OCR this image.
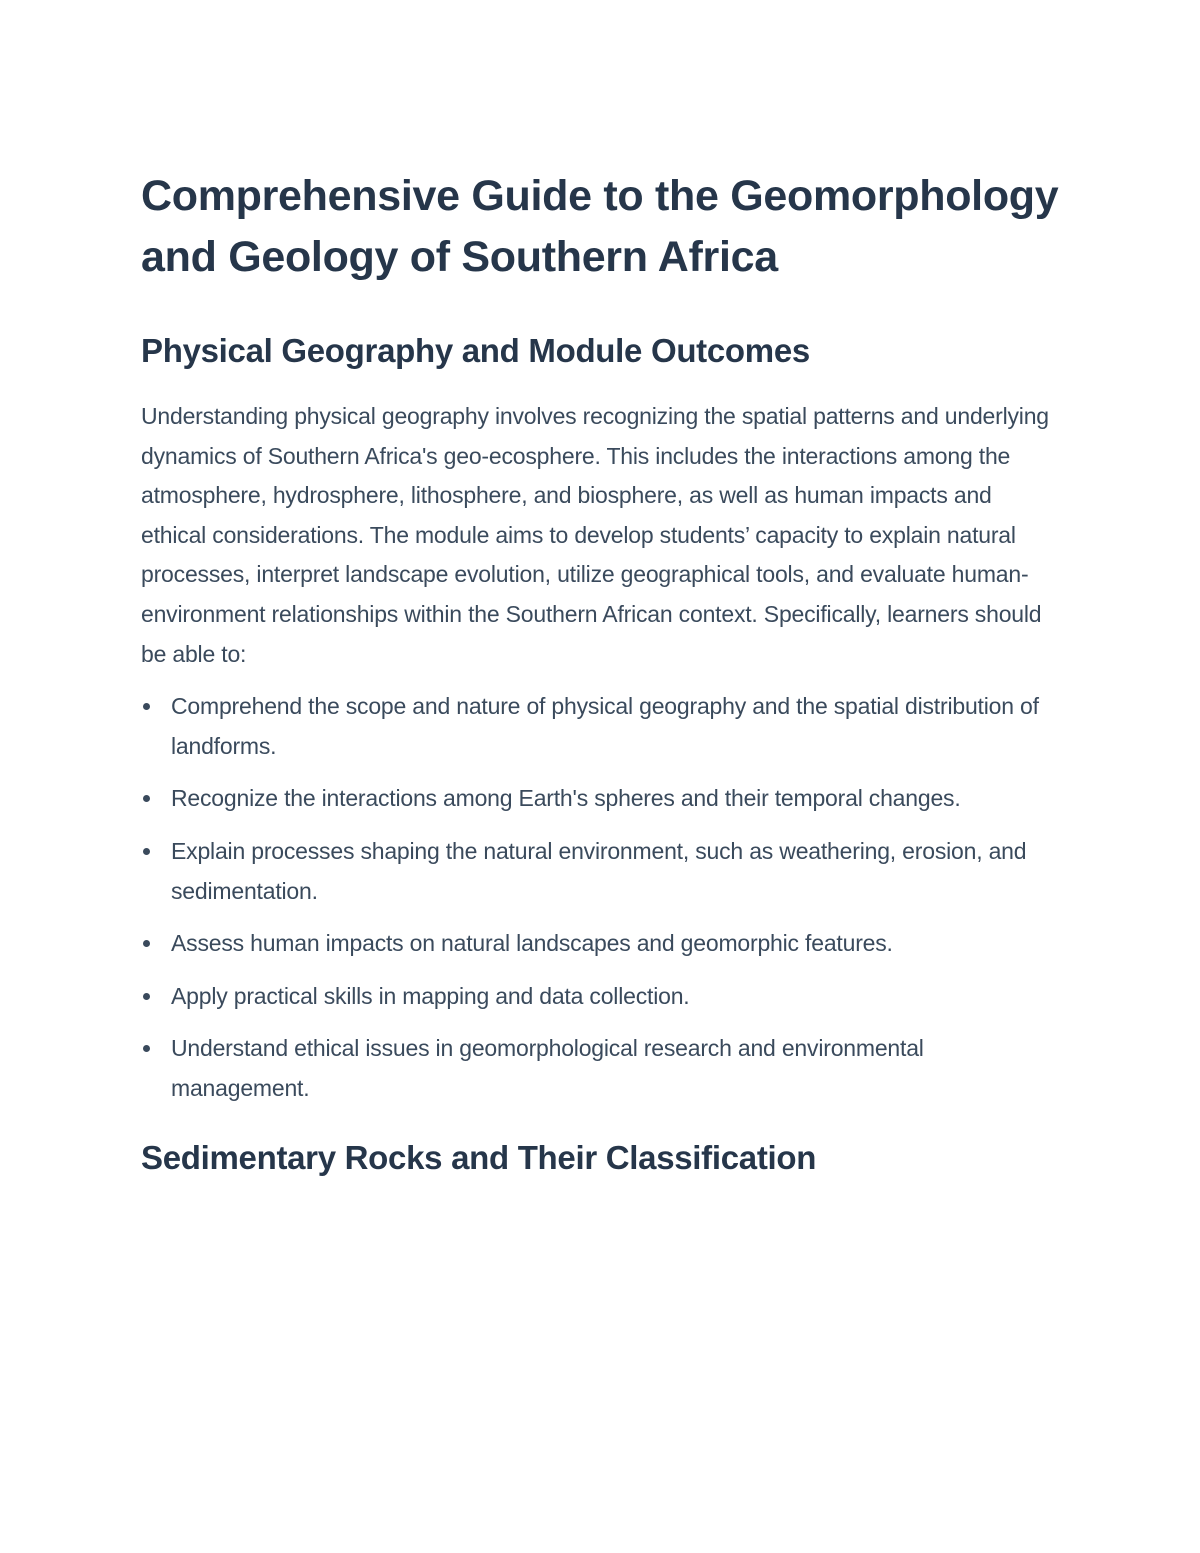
Comprehensive Guide to the Geomorphology and Geology of Southern Africa
Physical Geography and Module Outcomes

Understanding physical geography involves recognizing the spatial patterns and underlying dynamics of Southern Africa's geo-ecosphere. This includes the interactions among the atmosphere, hydrosphere, lithosphere, and biosphere, as well as human impacts and ethical considerations. The module aims to develop students’ capacity to explain natural processes, interpret landscape evolution, utilize geographical tools, and evaluate human-environment relationships within the Southern African context. Specifically, learners should be able to:

Comprehend the scope and nature of physical geography and the spatial distribution of landforms.
Recognize the interactions among Earth's spheres and their temporal changes.
Explain processes shaping the natural environment, such as weathering, erosion, and sedimentation.
Assess human impacts on natural landscapes and geomorphic features.
Apply practical skills in mapping and data collection.
Understand ethical issues in geomorphological research and environmental management.
Sedimentary Rocks and Their Classification
